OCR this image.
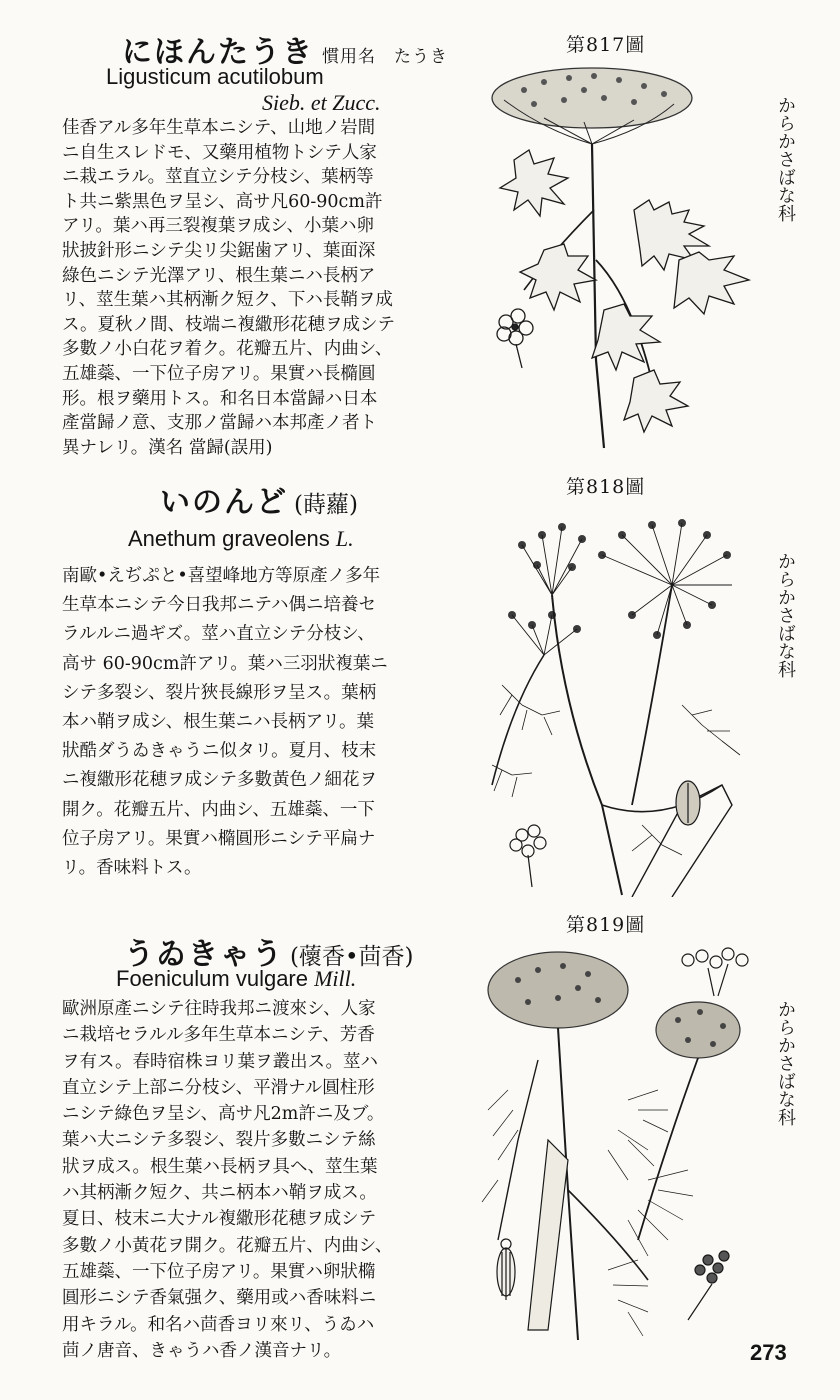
にほんたうき 慣用名　たうき
Ligusticum acutilobum
Sieb. et Zucc.

佳香アル多年生草本ニシテ、山地ノ岩間
ニ自生スレドモ、又藥用植物トシテ人家
ニ栽エラル。莖直立シテ分枝シ、葉柄等
ト共ニ紫黒色ヲ呈シ、高サ凡60-90cm許
アリ。葉ハ再三裂複葉ヲ成シ、小葉ハ卵
狀披針形ニシテ尖リ尖鋸歯アリ、葉面深
綠色ニシテ光澤アリ、根生葉ニハ長柄ア
リ、莖生葉ハ其柄漸ク短ク、下ハ長鞘ヲ成
ス。夏秋ノ間、枝端ニ複繖形花穂ヲ成シテ
多數ノ小白花ヲ着ク。花瓣五片、内曲シ、
五雄蘂、一下位子房アリ。果實ハ長橢圓
形。根ヲ藥用トス。和名日本當歸ハ日本
產當歸ノ意、支那ノ當歸ハ本邦產ノ者ト
異ナレリ。漢名 當歸(誤用)

第817圖
からかさばな科
いのんど (蒔蘿)
Anethum graveolens L.

南歐•えぢぷと•喜望峰地方等原產ノ多年
生草本ニシテ今日我邦ニテハ偶ニ培養セ
ラルルニ過ギズ。莖ハ直立シテ分枝シ、
高サ 60-90cm許アリ。葉ハ三羽狀複葉ニ
シテ多裂シ、裂片狹長線形ヲ呈ス。葉柄
本ハ鞘ヲ成シ、根生葉ニハ長柄アリ。葉
狀酷ダうゐきゃうニ似タリ。夏月、枝末
ニ複繖形花穂ヲ成シテ多數黃色ノ細花ヲ
開ク。花瓣五片、内曲シ、五雄蘂、一下
位子房アリ。果實ハ橢圓形ニシテ平扁ナ
リ。香味料トス。

第818圖
からかさばな科
うゐきゃう (蘹香•茴香)
Foeniculum vulgare Mill.

歐洲原產ニシテ往時我邦ニ渡來シ、人家
ニ栽培セラルル多年生草本ニシテ、芳香
ヲ有ス。春時宿株ヨリ葉ヲ叢出ス。莖ハ
直立シテ上部ニ分枝シ、平滑ナル圓柱形
ニシテ綠色ヲ呈シ、高サ凡2m許ニ及ブ。
葉ハ大ニシテ多裂シ、裂片多數ニシテ絲
狀ヲ成ス。根生葉ハ長柄ヲ具ヘ、莖生葉
ハ其柄漸ク短ク、共ニ柄本ハ鞘ヲ成ス。
夏日、枝末ニ大ナル複繖形花穂ヲ成シテ
多數ノ小黃花ヲ開ク。花瓣五片、内曲シ、
五雄蘂、一下位子房アリ。果實ハ卵狀橢
圓形ニシテ香氣强ク、藥用或ハ香味料ニ
用キラル。和名ハ茴香ヨリ來リ、うゐハ
茴ノ唐音、きゃうハ香ノ漢音ナリ。

第819圖
からかさばな科
273
